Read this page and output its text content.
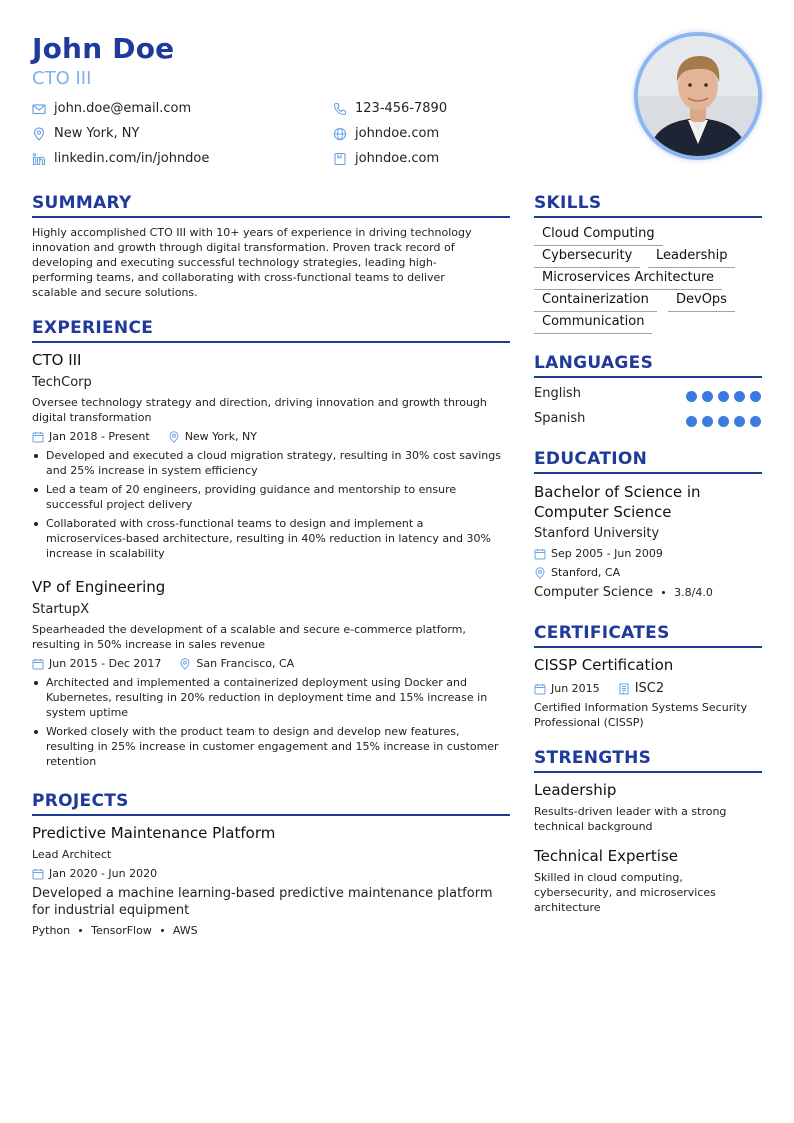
John Doe
CTO III
john.doe@email.com	123-456-7890
New York, NY	johndoe.com
linkedin.com/in/johndoe	johndoe.com
SUMMARY
Highly accomplished CTO III with 10+ years of experience in driving technology
innovation and growth through digital transformation. Proven track record of
developing and executing successful technology strategies, leading high-
performing teams, and collaborating with cross-functional teams to deliver
scalable and secure solutions.
EXPERIENCE
CTO III
TechCorp
Oversee technology strategy and direction, driving innovation and growth through
digital transformation
Jan 2018 - Present	New York, NY
Developed and executed a cloud migration strategy, resulting in 30% cost savings
and 25% increase in system efficiency
Led a team of 20 engineers, providing guidance and mentorship to ensure
successful project delivery
Collaborated with cross-functional teams to design and implement a
microservices-based architecture, resulting in 40% reduction in latency and 30%
increase in scalability
VP of Engineering
StartupX
Spearheaded the development of a scalable and secure e-commerce platform,
resulting in 50% increase in sales revenue
Jun 2015 - Dec 2017	San Francisco, CA
Architected and implemented a containerized deployment using Docker and
Kubernetes, resulting in 20% reduction in deployment time and 15% increase in
system uptime
Worked closely with the product team to design and develop new features,
resulting in 25% increase in customer engagement and 15% increase in customer
retention
PROJECTS
Predictive Maintenance Platform
Lead Architect
Jan 2020 - Jun 2020
Developed a machine learning-based predictive maintenance platform
for industrial equipment
Python TensorFlow AWS
SKILLS
Cloud Computing
Cybersecurity	Leadership
Microservices Architecture
Containerization	DevOps
Communication
LANGUAGES
English
Spanish
EDUCATION
Bachelor of Science in
Computer Science
Stanford University
Sep 2005 - Jun 2009
Stanford, CA
Computer Science 3.8/4.0
CERTIFICATES
CISSP Certification
Jun 2015	ISC2
Certified Information Systems Security
Professional (CISSP)
STRENGTHS
Leadership
Results-driven leader with a strong
technical background
Technical Expertise
Skilled in cloud computing,
cybersecurity, and microservices
architecture
